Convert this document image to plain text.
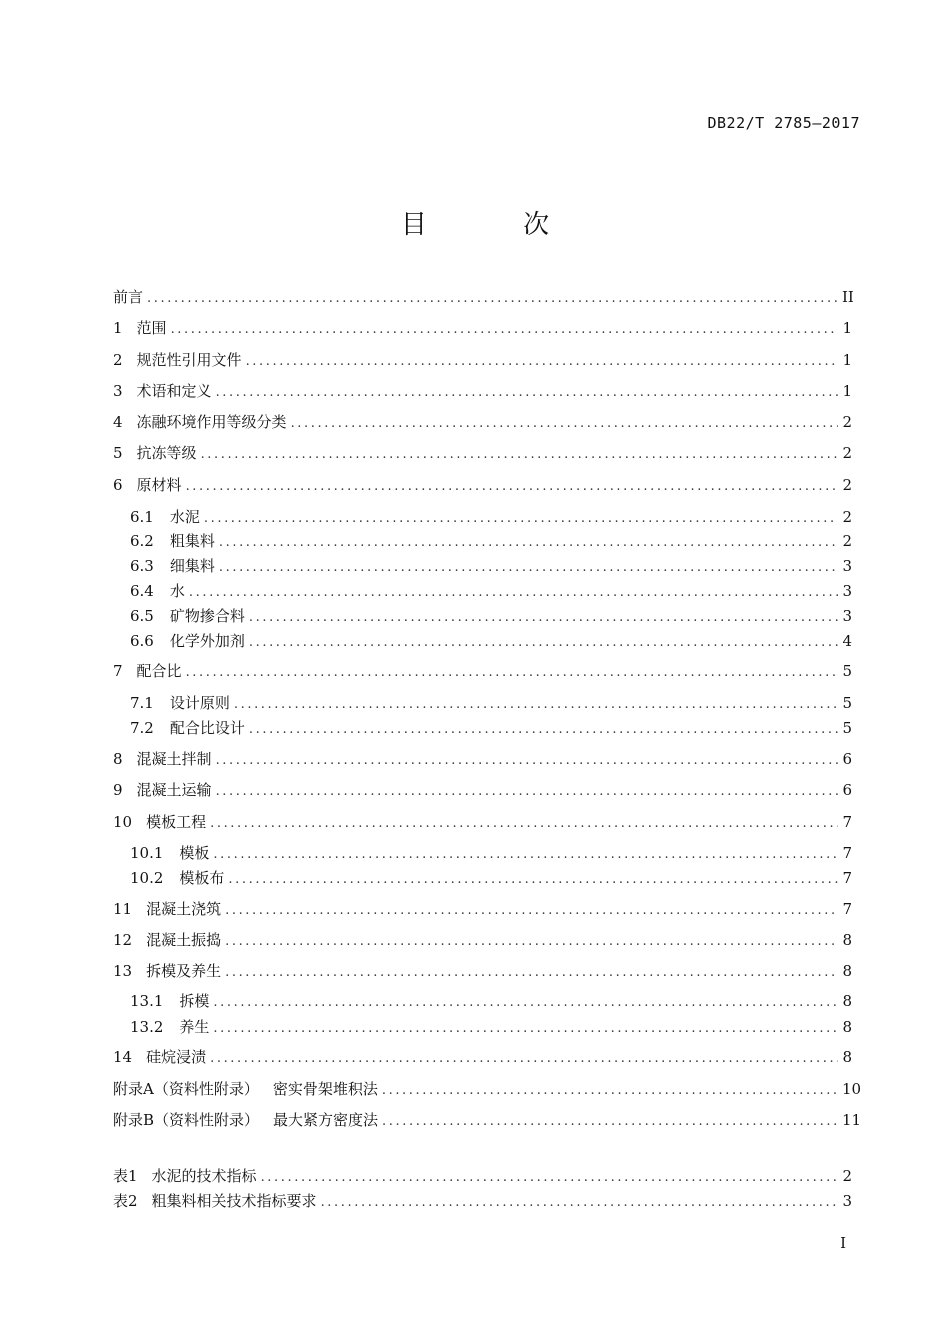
DB22/T 2785—2017
目 次
前言 .....	II
1 范围 .....	1
2 规范性引用文件 .....	1
3 术语和定义 .....	1
4 冻融环境作用等级分类 .....	2
5 抗冻等级 .....	2
6 原材料 .....	2
6.1 水泥 .....	2
6.2 粗集料 .....	2
6.3 细集料 .....	3
6.4 水 .....	3
6.5 矿物掺合料 .....	3
6.6 化学外加剂 .....	4
7 配合比 .....	5
7.1 设计原则 .....	5
7.2 配合比设计 .....	5
8 混凝土拌制 .....	6
9 混凝土运输 .....	6
10 模板工程 .....	7
10.1 模板 .....	7
10.2 模板布 .....	7
11 混凝土浇筑 .....	7
12 混凝土振捣 .....	8
13 拆模及养生 .....	8
13.1 拆模 .....	8
13.2 养生 .....	8
14 硅烷浸渍 .....	8
附录A（资料性附录） 密实骨架堆积法 .....	10
附录B（资料性附录） 最大紧方密度法 .....	11
表1 水泥的技术指标 .....	2
表2 粗集料相关技术指标要求 .....	3
I
